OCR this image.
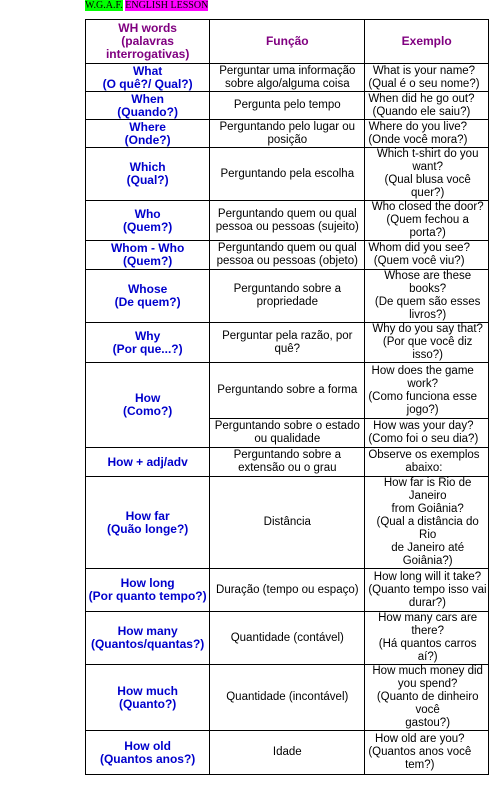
W.G.A.F. ENGLISH LESSON
WH words (palavras interrogativas)	Função	Exemplo
What
(O quê?/ Qual?)	Perguntar uma informação sobre algo/alguma coisa	What is your name?
(Qual é o seu nome?)
When
(Quando?)	Pergunta pelo tempo	When did he go out?
(Quando ele saiu?)
Where
(Onde?)	Perguntando pelo lugar ou posição	Where do you live?
(Onde você mora?)
Which
(Qual?)	Perguntando pela escolha	Which t-shirt do you
want?
(Qual blusa você quer?)
Who
(Quem?)	Perguntando quem ou qual pessoa ou pessoas (sujeito)	Who closed the door?
(Quem fechou a porta?)
Whom - Who
(Quem?)	Perguntando quem ou qual pessoa ou pessoas (objeto)	Whom did you see?
(Quem você viu?)
Whose
(De quem?)	Perguntando sobre a propriedade	Whose are these books?
(De quem são esses
livros?)
Why
(Por que...?)	Perguntar pela razão, por quê?	Why do you say that?
(Por que você diz isso?)
How
(Como?)	Perguntando sobre a forma	How does the game
work?
(Como funciona esse
jogo?)
	Perguntando sobre o estado ou qualidade	How was your day?
(Como foi o seu dia?)
How + adj/adv	Perguntando sobre a extensão ou o grau	Observe os exemplos
abaixo:
How far
(Quão longe?)	Distância	How far is Rio de Janeiro
from Goiânia?
(Qual a distância do Rio
de Janeiro até Goiânia?)
How long
(Por quanto tempo?)	Duração (tempo ou espaço)	How long will it take?
(Quanto tempo isso vai
durar?)
How many
(Quantos/quantas?)	Quantidade (contável)	How many cars are
there?
(Há quantos carros aí?)
How much
(Quanto?)	Quantidade (incontável)	How much money did
you spend?
(Quanto de dinheiro você
gastou?)
How old
(Quantos anos?)	Idade	How old are you?
(Quantos anos você
tem?)
